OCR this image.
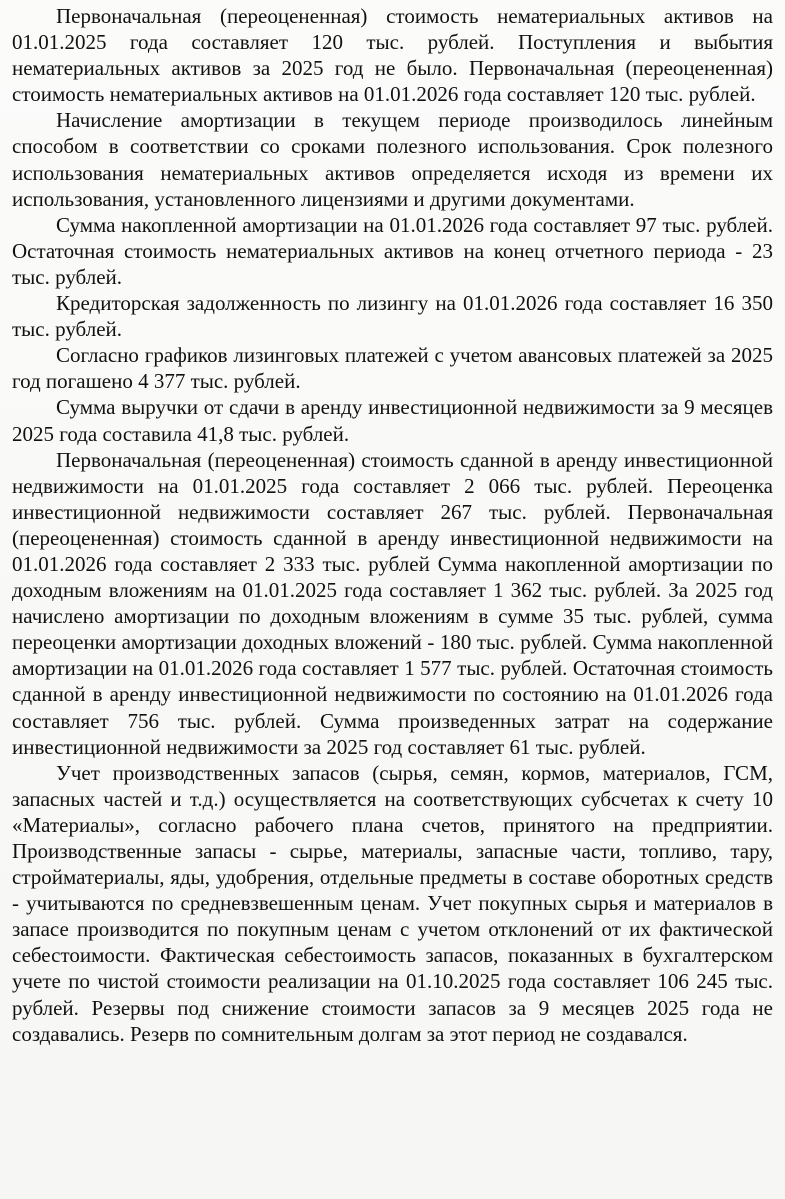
Первоначальная (переоцененная) стоимость нематериальных активов на 01.01.2025 года составляет 120 тыс. рублей. Поступления и выбытия нематериальных активов за 2025 год не было. Первоначальная (переоцененная) стоимость нематериальных активов на 01.01.2026 года составляет 120 тыс. рублей.

Начисление амортизации в текущем периоде производилось линейным способом в соответствии со сроками полезного использования. Срок полезного использования нематериальных активов определяется исходя из времени их использования, установленного лицензиями и другими документами.

Сумма накопленной амортизации на 01.01.2026 года составляет 97 тыс. рублей. Остаточная стоимость нематериальных активов на конец отчетного периода - 23 тыс. рублей.

Кредиторская задолженность по лизингу на 01.01.2026 года составляет 16 350 тыс. рублей.

Согласно графиков лизинговых платежей с учетом авансовых платежей за 2025 год погашено 4 377 тыс. рублей.

Сумма выручки от сдачи в аренду инвестиционной недвижимости за 9 месяцев 2025 года составила 41,8 тыс. рублей.

Первоначальная (переоцененная) стоимость сданной в аренду инвестиционной недвижимости на 01.01.2025 года составляет 2 066 тыс. рублей. Переоценка инвестиционной недвижимости составляет 267 тыс. рублей. Первоначальная (переоцененная) стоимость сданной в аренду инвестиционной недвижимости на 01.01.2026 года составляет 2 333 тыс. рублей Сумма накопленной амортизации по доходным вложениям на 01.01.2025 года составляет 1 362 тыс. рублей. За 2025 год начислено амортизации по доходным вложениям в сумме 35 тыс. рублей, сумма переоценки амортизации доходных вложений - 180 тыс. рублей. Сумма накопленной амортизации на 01.01.2026 года составляет 1 577 тыс. рублей. Остаточная стоимость сданной в аренду инвестиционной недвижимости по состоянию на 01.01.2026 года составляет 756 тыс. рублей. Сумма произведенных затрат на содержание инвестиционной недвижимости за 2025 год составляет 61 тыс. рублей.

Учет производственных запасов (сырья, семян, кормов, материалов, ГСМ, запасных частей и т.д.) осуществляется на соответствующих субсчетах к счету 10 «Материалы», согласно рабочего плана счетов, принятого на предприятии. Производственные запасы - сырье, материалы, запасные части, топливо, тару, стройматериалы, яды, удобрения, отдельные предметы в составе оборотных средств - учитываются по средневзвешенным ценам. Учет покупных сырья и материалов в запасе производится по покупным ценам с учетом отклонений от их фактической себестоимости. Фактическая себестоимость запасов, показанных в бухгалтерском учете по чистой стоимости реализации на 01.10.2025 года составляет 106 245 тыс. рублей. Резервы под снижение стоимости запасов за 9 месяцев 2025 года не создавались. Резерв по сомнительным долгам за этот период не создавался.
